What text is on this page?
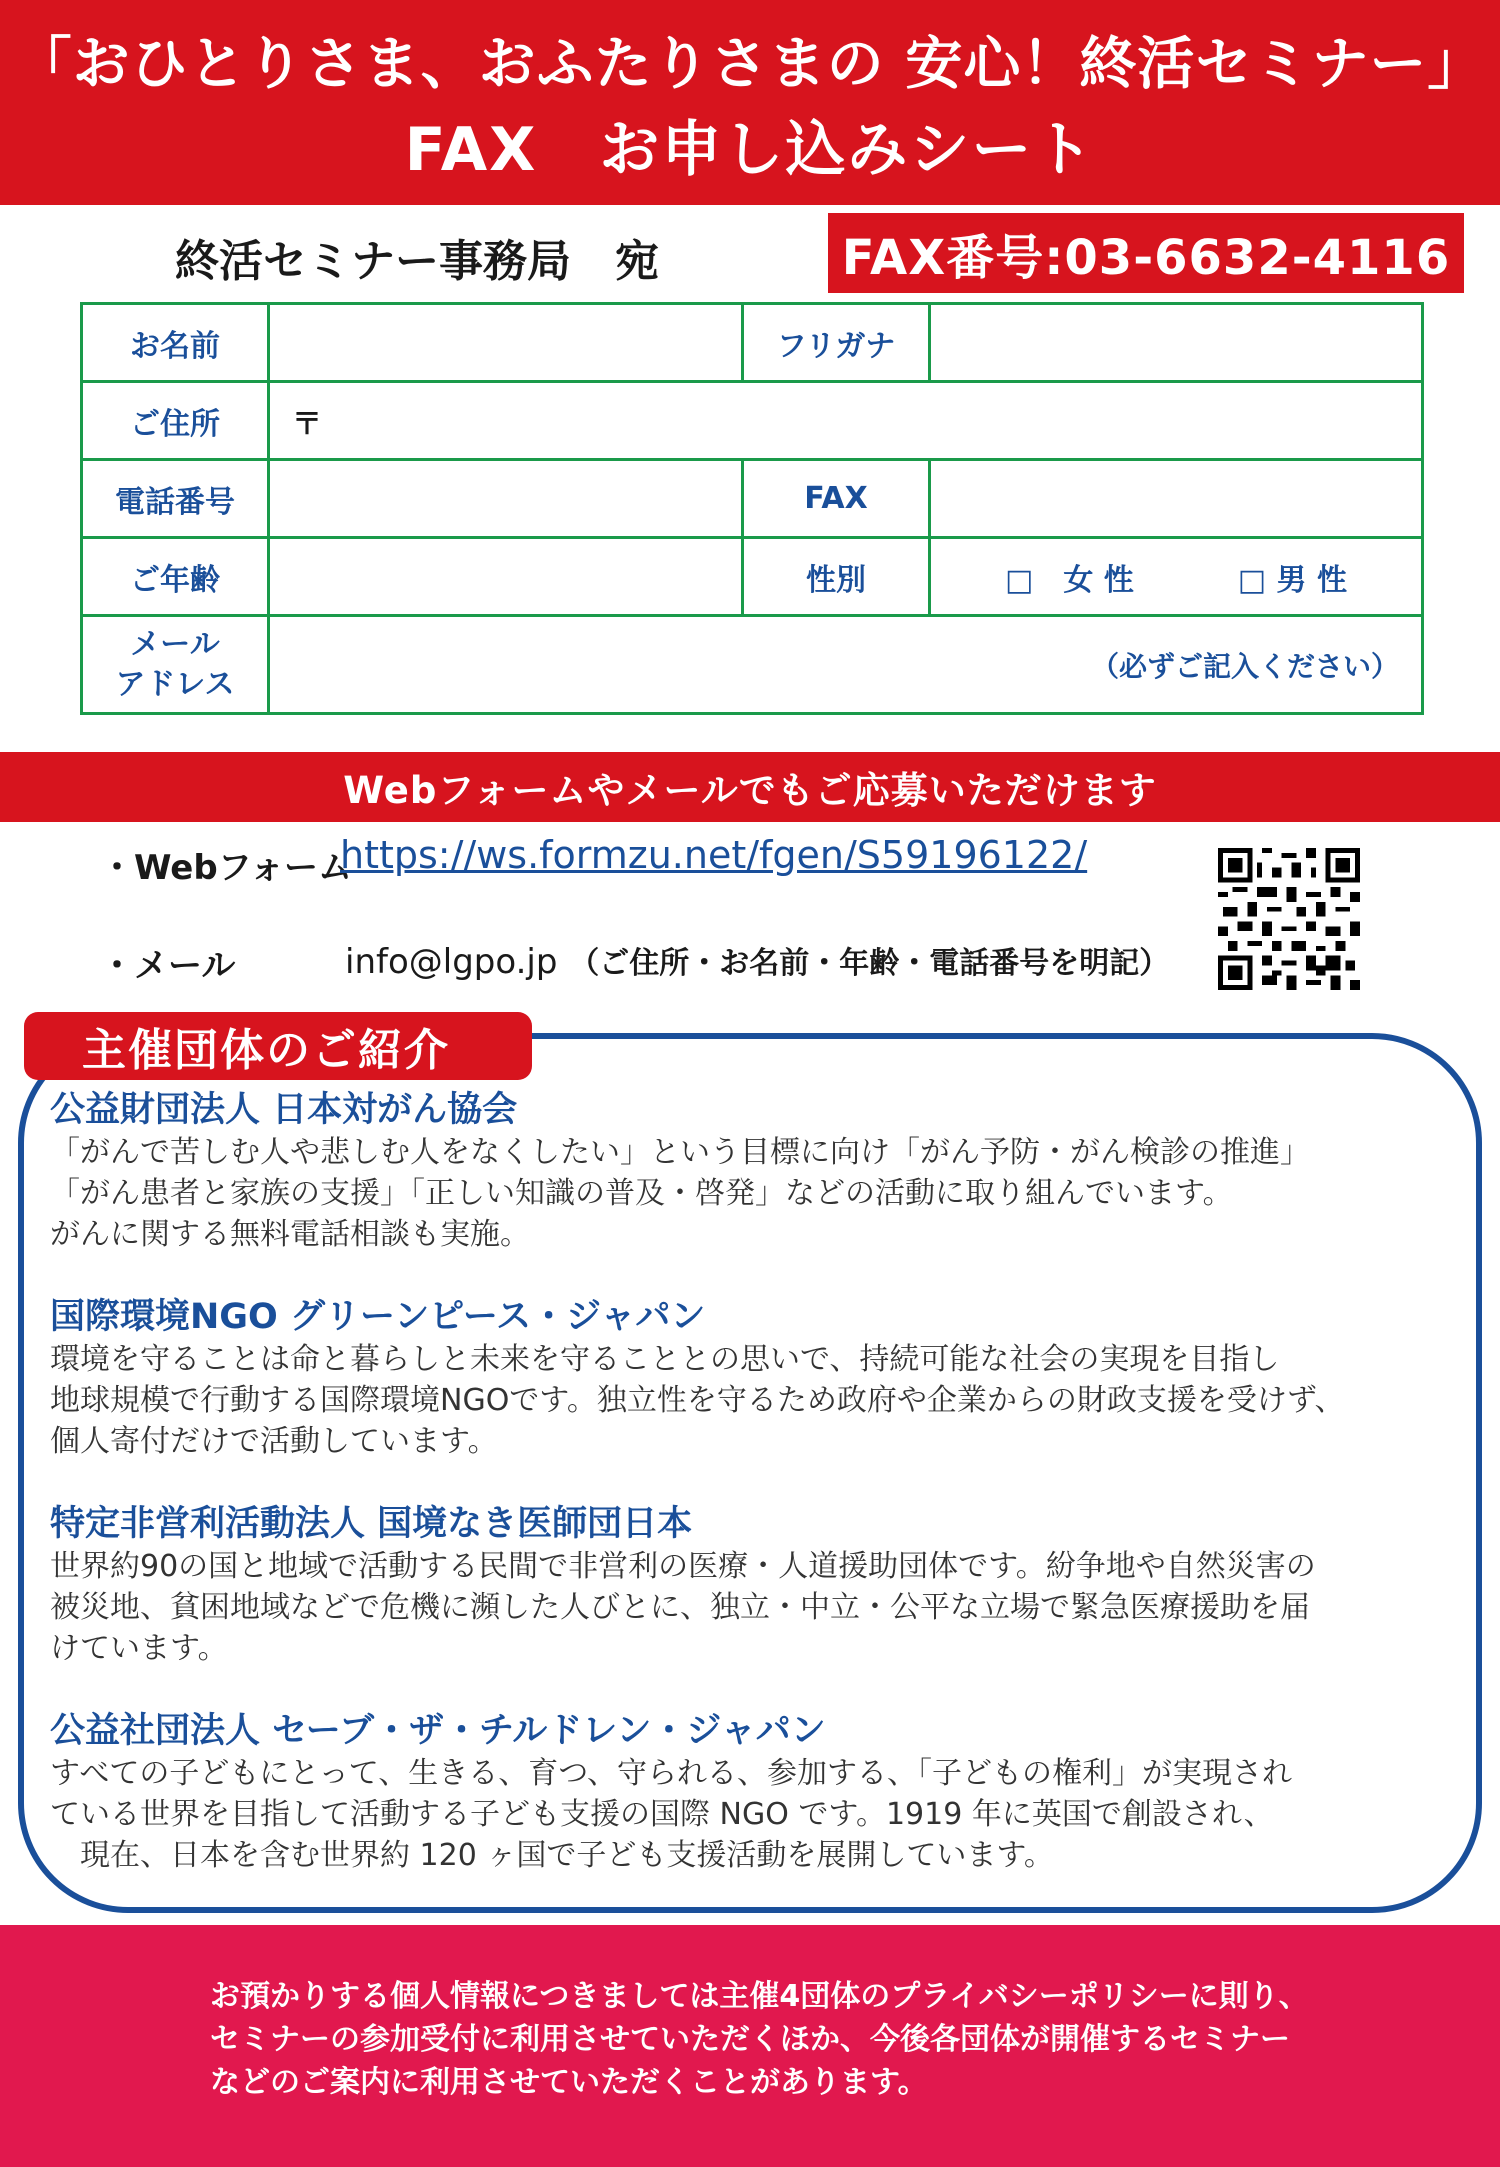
「おひとりさま、おふたりさまの 安心！終活セミナー」
FAX　お申し込みシート
終活セミナー事務局　宛	FAX番号:03-6632-4116
お名前		フリガナ	
ご住所	〒		
電話番号		FAX	
ご年齢		性別	□　女 性 □ 男 性

メール
アドレス	（必ずご記入ください）		
Webフォームやメールでもご応募いただけます
・Webフォーム
https://ws.formzu.net/fgen/S59196122/
・メール	info@lgpo.jp （ご住所・お名前・年齢・電話番号を明記）
主催団体のご紹介
公益財団法人 日本対がん協会

「がんで苦しむ人や悲しむ人をなくしたい」という目標に向け「がん予防・がん検診の推進」
「がん患者と家族の支援」「正しい知識の普及・啓発」などの活動に取り組んでいます。
がんに関する無料電話相談も実施。

国際環境NGO グリーンピース・ジャパン

環境を守ることは命と暮らしと未来を守ることとの思いで、持続可能な社会の実現を目指し
地球規模で行動する国際環境NGOです。独立性を守るため政府や企業からの財政支援を受けず、
個人寄付だけで活動しています。

特定非営利活動法人 国境なき医師団日本

世界約90の国と地域で活動する民間で非営利の医療・人道援助団体です。紛争地や自然災害の
被災地、貧困地域などで危機に瀕した人びとに、独立・中立・公平な立場で緊急医療援助を届
けています。

公益社団法人 セーブ・ザ・チルドレン・ジャパン

すべての子どもにとって、生きる、育つ、守られる、参加する、「子どもの権利」が実現され
ている世界を目指して活動する子ども支援の国際 NGO です。1919 年に英国で創設され、
　現在、日本を含む世界約 120 ヶ国で子ども支援活動を展開しています。

お預かりする個人情報につきましては主催4団体のプライバシーポリシーに則り、
セミナーの参加受付に利用させていただくほか、今後各団体が開催するセミナー
などのご案内に利用させていただくことがあります。
